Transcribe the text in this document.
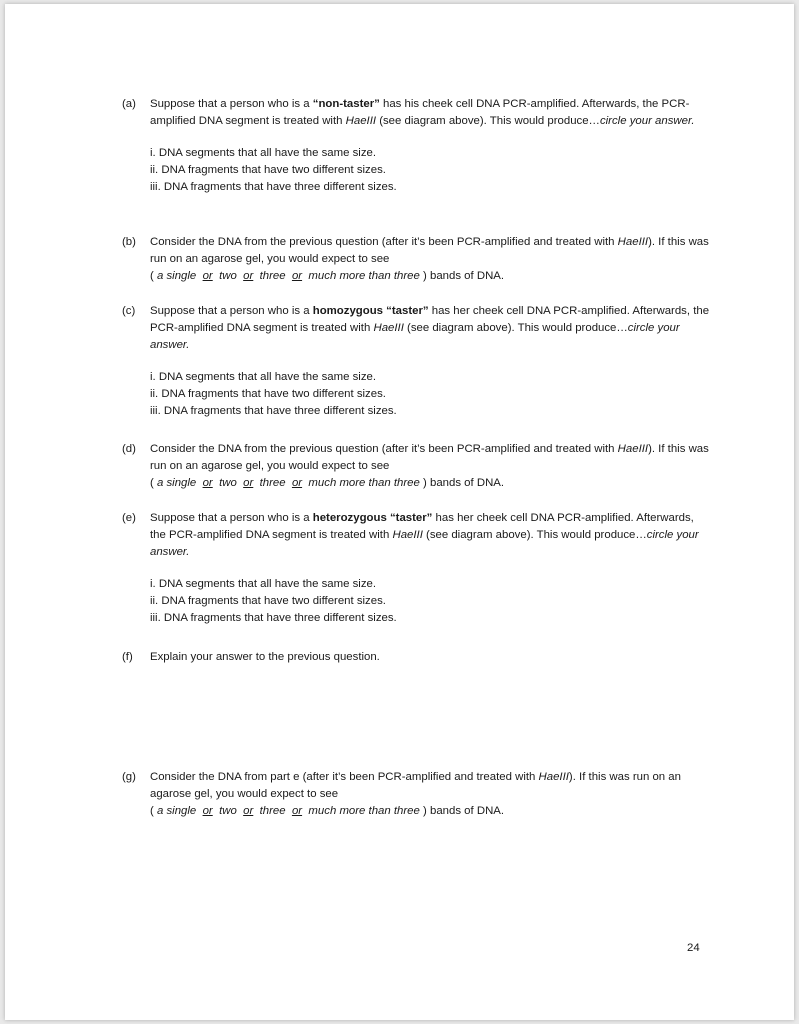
(a) Suppose that a person who is a “non-taster” has his cheek cell DNA PCR-amplified. Afterwards, the PCR-amplified DNA segment is treated with HaeIII (see diagram above). This would produce…circle your answer.
i. DNA segments that all have the same size.
ii. DNA fragments that have two different sizes.
iii. DNA fragments that have three different sizes.
(b) Consider the DNA from the previous question (after it’s been PCR-amplified and treated with HaeIII). If this was run on an agarose gel, you would expect to see
( a single or two or three or much more than three ) bands of DNA.
(c) Suppose that a person who is a homozygous “taster” has her cheek cell DNA PCR-amplified. Afterwards, the PCR-amplified DNA segment is treated with HaeIII (see diagram above). This would produce…circle your answer.
i. DNA segments that all have the same size.
ii. DNA fragments that have two different sizes.
iii. DNA fragments that have three different sizes.
(d) Consider the DNA from the previous question (after it’s been PCR-amplified and treated with HaeIII). If this was run on an agarose gel, you would expect to see
( a single or two or three or much more than three ) bands of DNA.
(e) Suppose that a person who is a heterozygous “taster” has her cheek cell DNA PCR-amplified. Afterwards, the PCR-amplified DNA segment is treated with HaeIII (see diagram above). This would produce…circle your answer.
i. DNA segments that all have the same size.
ii. DNA fragments that have two different sizes.
iii. DNA fragments that have three different sizes.
(f) Explain your answer to the previous question.
(g) Consider the DNA from part e (after it’s been PCR-amplified and treated with HaeIII). If this was run on an agarose gel, you would expect to see
( a single or two or three or much more than three ) bands of DNA.
24
